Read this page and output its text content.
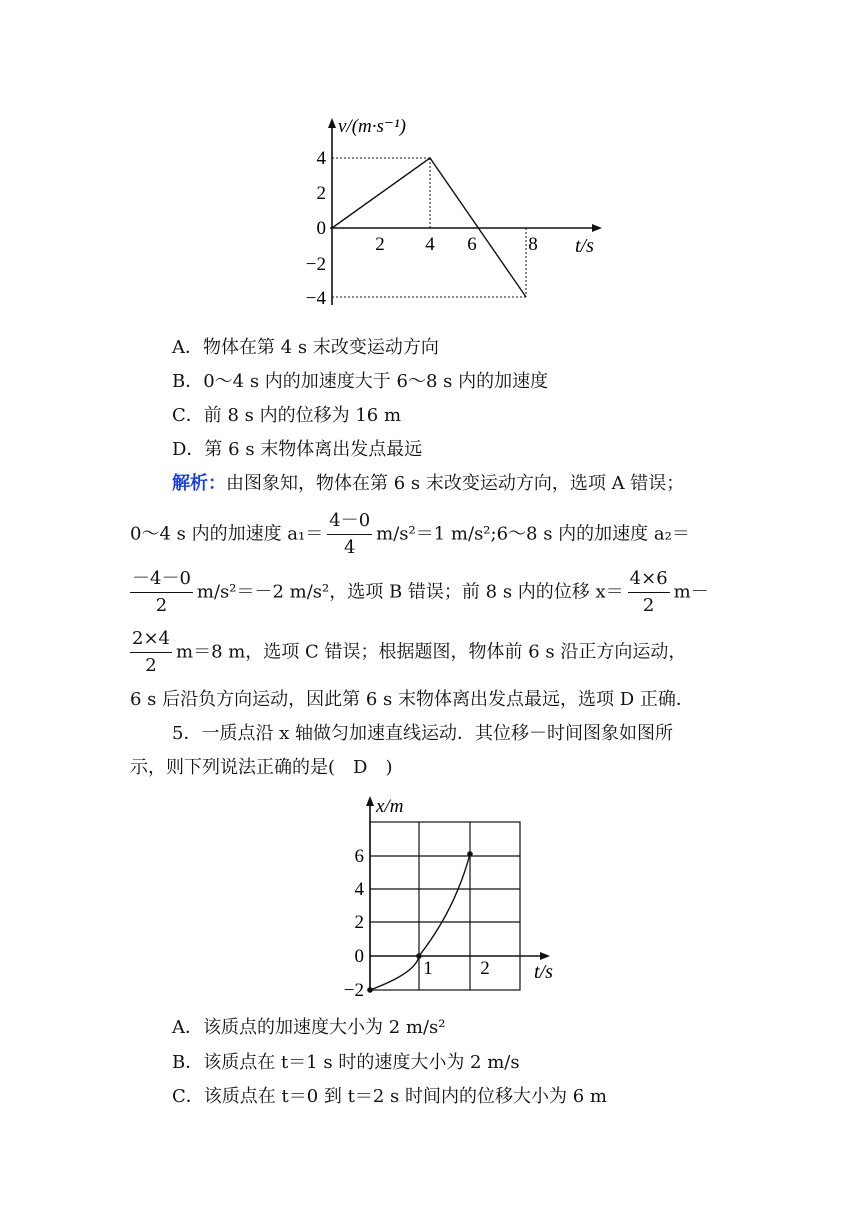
v/(m·s⁻¹)
4
2
0
−2
−4
2 4 6	8 t/s
A．物体在第 4 s 末改变运动方向
B．0～4 s 内的加速度大于 6～8 s 内的加速度
C．前 8 s 内的位移为 16 m
D．第 6 s 末物体离出发点最远
解析：由图象知，物体在第 6 s 末改变运动方向，选项 A 错误；
0～4 s 内的加速度 $a_1= \frac{4-0}{4} m/s^2=1$ m/s²;6～8 s 内的加速度 a₂＝
$\frac{-4-0}{2} m/s^2=-2$ m/s²，选项 B 错误；前 8 s 内的位移 $x= \frac{4\times 6}{2} m-$
$\frac{2\times 4}{2} m=8$ m，选项 C 错误；根据题图，物体前 6 s 沿正方向运动，
6 s 后沿负方向运动，因此第 6 s 末物体离出发点最远，选项 D 正确．
5．一质点沿 x 轴做匀加速直线运动．其位移－时间图象如图所
示，则下列说法正确的是(　D　)
x/m
6
4
2
0
−2
1	2 t/s
A．该质点的加速度大小为 2 m/s²
B．该质点在 t＝1 s 时的速度大小为 2 m/s
C．该质点在 t＝0 到 t＝2 s 时间内的位移大小为 6 m
